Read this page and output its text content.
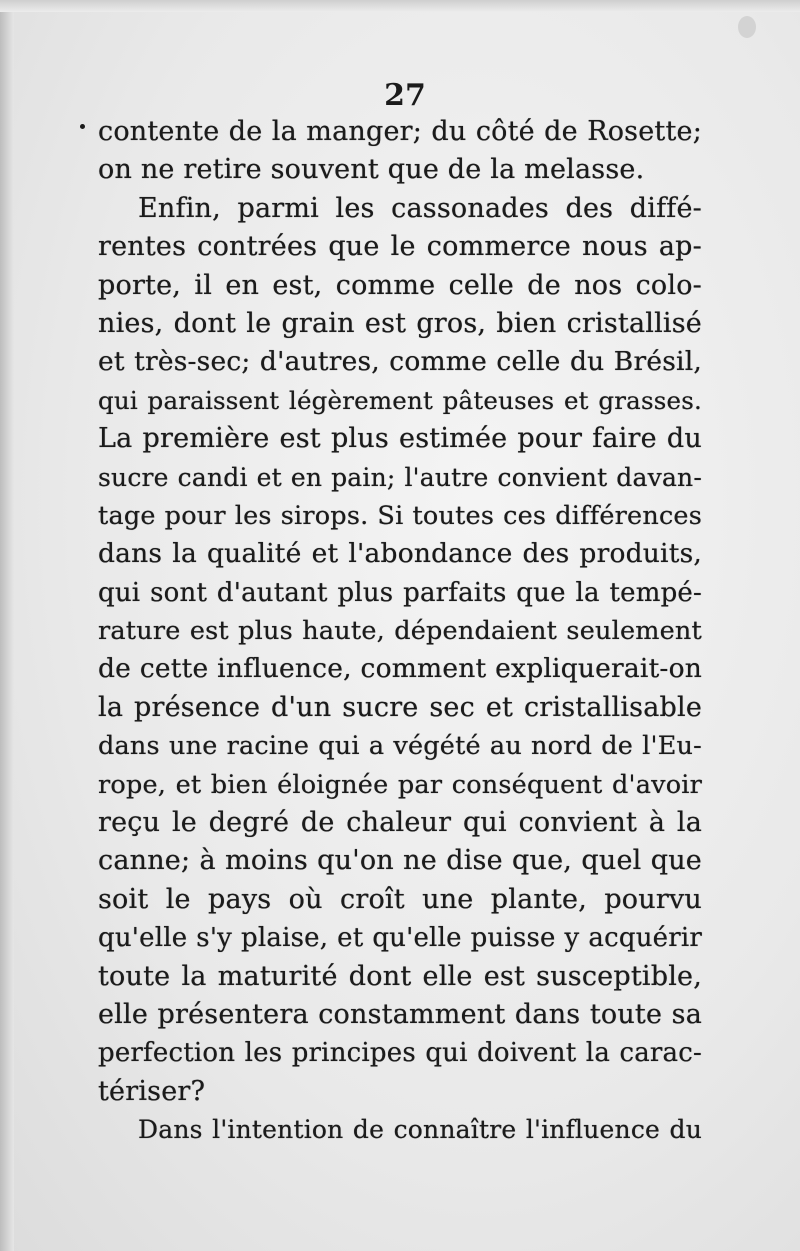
27
contente de la manger; du côté de Rosette;
on ne retire souvent que de la melasse.
Enfin, parmi les cassonades des diffé-
rentes contrées que le commerce nous ap-
porte, il en est, comme celle de nos colo-
nies, dont le grain est gros, bien cristallisé
et très-sec; d'autres, comme celle du Brésil,
qui paraissent légèrement pâteuses et grasses.
La première est plus estimée pour faire du
sucre candi et en pain; l'autre convient davan-
tage pour les sirops. Si toutes ces différences
dans la qualité et l'abondance des produits,
qui sont d'autant plus parfaits que la tempé-
rature est plus haute, dépendaient seulement
de cette influence, comment expliquerait-on
la présence d'un sucre sec et cristallisable
dans une racine qui a végété au nord de l'Eu-
rope, et bien éloignée par conséquent d'avoir
reçu le degré de chaleur qui convient à la
canne; à moins qu'on ne dise que, quel que
soit le pays où croît une plante, pourvu
qu'elle s'y plaise, et qu'elle puisse y acquérir
toute la maturité dont elle est susceptible,
elle présentera constamment dans toute sa
perfection les principes qui doivent la carac-
tériser?
Dans l'intention de connaître l'influence du
